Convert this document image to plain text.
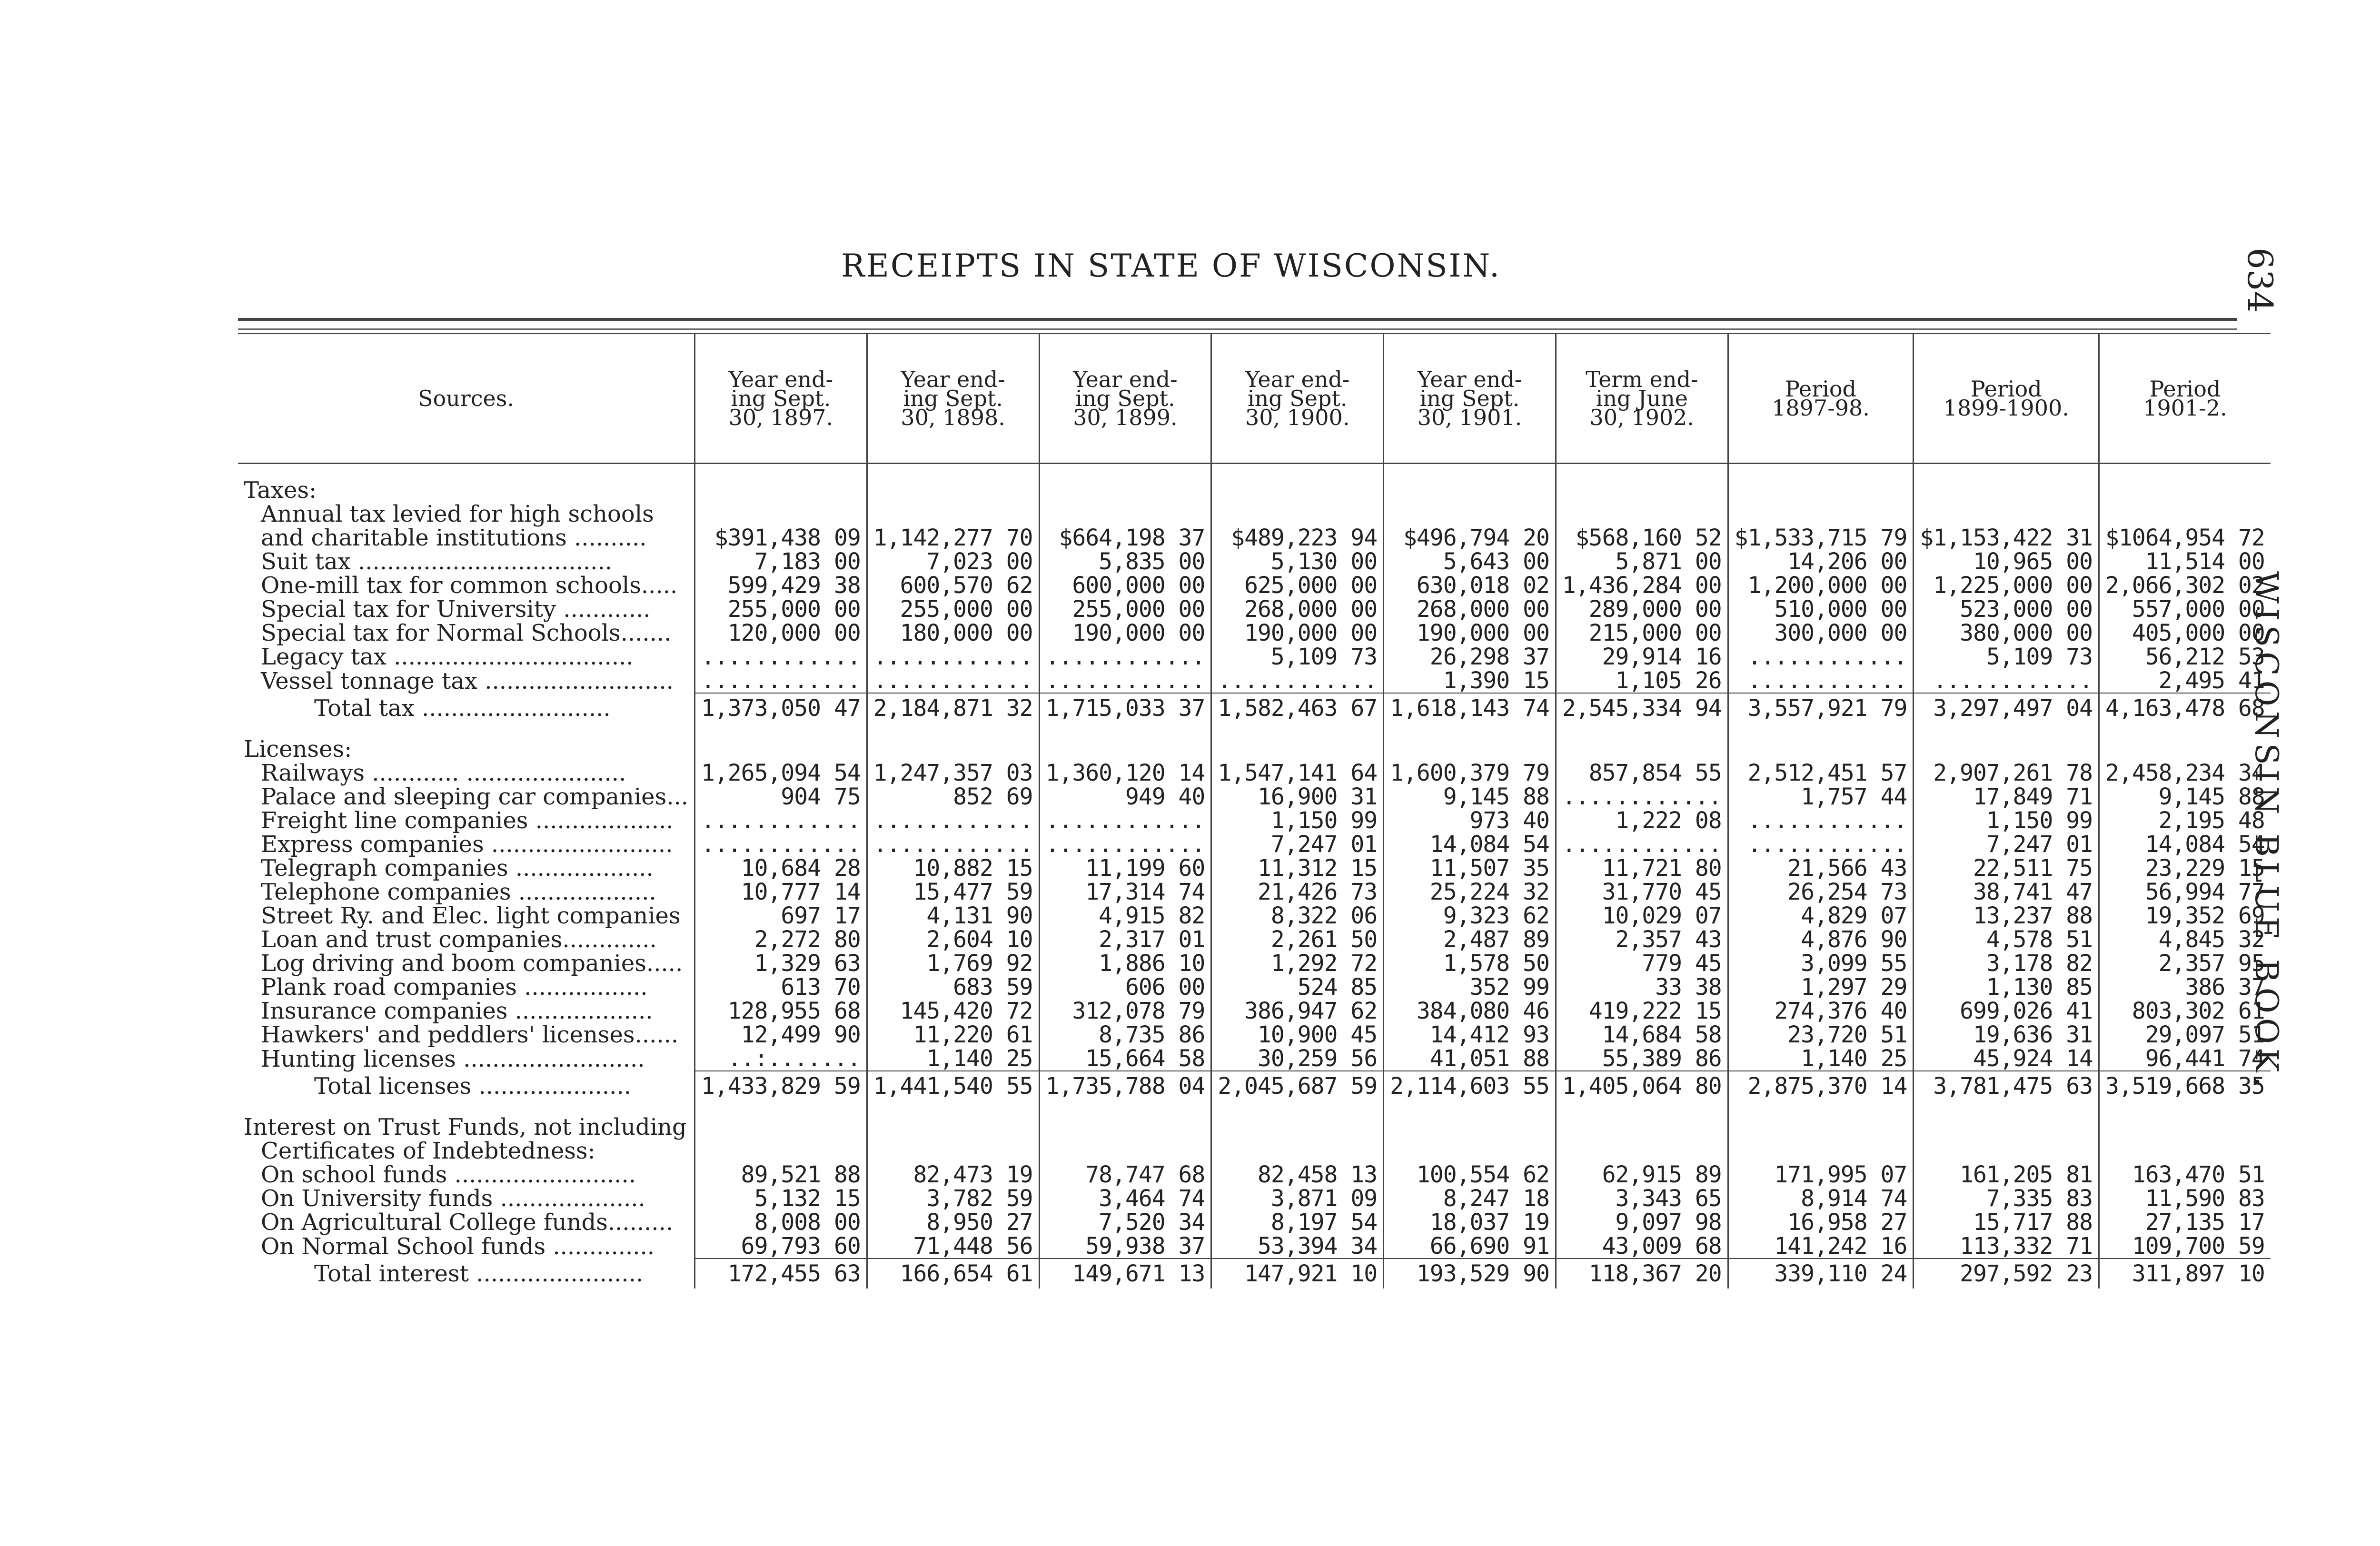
RECEIPTS IN STATE OF WISCONSIN.	634
WISCONSIN BLUE BOOK.
Sources.	Year end-
ing Sept.
30, 1897.	Year end-
ing Sept.
30, 1898.	Year end-
ing Sept.
30, 1899.	Year end-
ing Sept.
30, 1900.	Year end-
ing Sept.
30, 1901.	Term end-
ing June
30, 1902.	Period
1897-98.	Period
1899-1900.	Period
1901-2.
Taxes:									
Annual tax levied for high schools									
and charitable institutions ..........	$391,438 09	1,142,277 70	$664,198 37	$489,223 94	$496,794 20	$568,160 52	$1,533,715 79	$1,153,422 31	$1064,954 72
Suit tax ...................................	7,183 00	7,023 00	5,835 00	5,130 00	5,643 00	5,871 00	14,206 00	10,965 00	11,514 00
One-mill tax for common schools.....	599,429 38	600,570 62	600,000 00	625,000 00	630,018 02	1,436,284 00	1,200,000 00	1,225,000 00	2,066,302 02
Special tax for University ............	255,000 00	255,000 00	255,000 00	268,000 00	268,000 00	289,000 00	510,000 00	523,000 00	557,000 00
Special tax for Normal Schools.......	120,000 00	180,000 00	190,000 00	190,000 00	190,000 00	215,000 00	300,000 00	380,000 00	405,000 00
Legacy tax .................................	............	............	............	5,109 73	26,298 37	29,914 16	............	5,109 73	56,212 53
Vessel tonnage tax ..........................	............	............	............	............	1,390 15	1,105 26	............	............	2,495 41
Total tax ..........................	1,373,050 47	2,184,871 32	1,715,033 37	1,582,463 67	1,618,143 74	2,545,334 94	3,557,921 79	3,297,497 04	4,163,478 68

Licenses:									
Railways ............ ......................	1,265,094 54	1,247,357 03	1,360,120 14	1,547,141 64	1,600,379 79	857,854 55	2,512,451 57	2,907,261 78	2,458,234 34
Palace and sleeping car companies...	904 75	852 69	949 40	16,900 31	9,145 88	............	1,757 44	17,849 71	9,145 88
Freight line companies ...................	............	............	............	1,150 99	973 40	1,222 08	............	1,150 99	2,195 48
Express companies .........................	............	............	............	7,247 01	14,084 54	............	............	7,247 01	14,084 54
Telegraph companies ...................	10,684 28	10,882 15	11,199 60	11,312 15	11,507 35	11,721 80	21,566 43	22,511 75	23,229 15
Telephone companies ...................	10,777 14	15,477 59	17,314 74	21,426 73	25,224 32	31,770 45	26,254 73	38,741 47	56,994 77
Street Ry. and Elec. light companies	697 17	4,131 90	4,915 82	8,322 06	9,323 62	10,029 07	4,829 07	13,237 88	19,352 69
Loan and trust companies.............	2,272 80	2,604 10	2,317 01	2,261 50	2,487 89	2,357 43	4,876 90	4,578 51	4,845 32
Log driving and boom companies.....	1,329 63	1,769 92	1,886 10	1,292 72	1,578 50	779 45	3,099 55	3,178 82	2,357 95
Plank road companies .................	613 70	683 59	606 00	524 85	352 99	33 38	1,297 29	1,130 85	386 37
Insurance companies ...................	128,955 68	145,420 72	312,078 79	386,947 62	384,080 46	419,222 15	274,376 40	699,026 41	803,302 61
Hawkers' and peddlers' licenses......	12,499 90	11,220 61	8,735 86	10,900 45	14,412 93	14,684 58	23,720 51	19,636 31	29,097 51
Hunting licenses .........................	..:.......	1,140 25	15,664 58	30,259 56	41,051 88	55,389 86	1,140 25	45,924 14	96,441 74
Total licenses .....................	1,433,829 59	1,441,540 55	1,735,788 04	2,045,687 59	2,114,603 55	1,405,064 80	2,875,370 14	3,781,475 63	3,519,668 35

Interest on Trust Funds, not including									
Certificates of Indebtedness:									
On school funds .........................	89,521 88	82,473 19	78,747 68	82,458 13	100,554 62	62,915 89	171,995 07	161,205 81	163,470 51
On University funds ....................	5,132 15	3,782 59	3,464 74	3,871 09	8,247 18	3,343 65	8,914 74	7,335 83	11,590 83
On Agricultural College funds.........	8,008 00	8,950 27	7,520 34	8,197 54	18,037 19	9,097 98	16,958 27	15,717 88	27,135 17
On Normal School funds ..............	69,793 60	71,448 56	59,938 37	53,394 34	66,690 91	43,009 68	141,242 16	113,332 71	109,700 59
Total interest .......................	172,455 63	166,654 61	149,671 13	147,921 10	193,529 90	118,367 20	339,110 24	297,592 23	311,897 10
